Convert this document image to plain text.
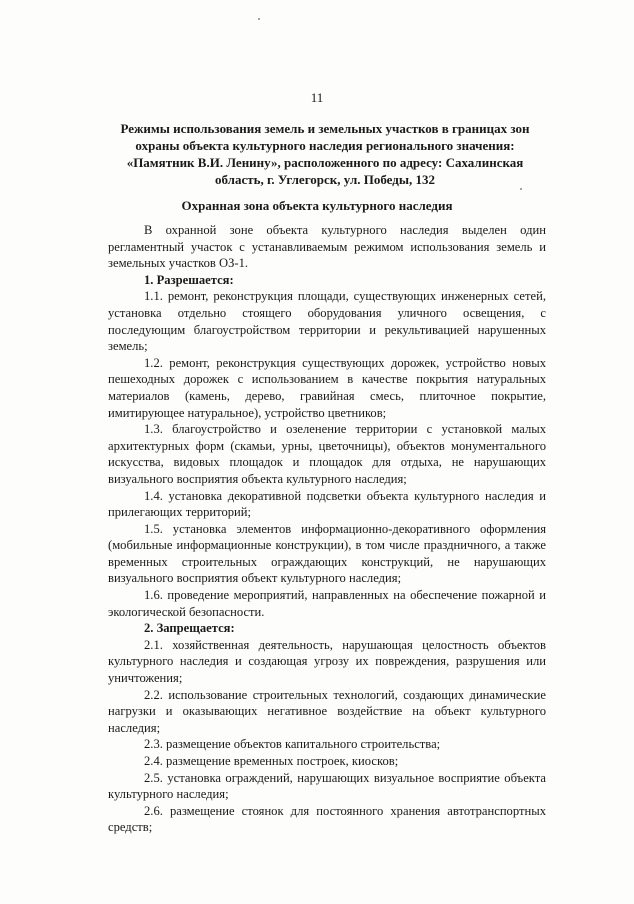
11
Режимы использования земель и земельных участков в границах зон
охраны объекта культурного наследия регионального значения:
«Памятник В.И. Ленину», расположенного по адресу: Сахалинская
область, г. Углегорск, ул. Победы, 132
Охранная зона объекта культурного наследия

В охранной зоне объекта культурного наследия выделен один регламентный участок с устанавливаемым режимом использования земель и земельных участков ОЗ-1.

1. Разрешается:

1.1. ремонт, реконструкция площади, существующих инженерных сетей, установка отдельно стоящего оборудования уличного освещения, с последующим благоустройством территории и рекультивацией нарушенных земель;

1.2. ремонт, реконструкция существующих дорожек, устройство новых пешеходных дорожек с использованием в качестве покрытия натуральных материалов (камень, дерево, гравийная смесь, плиточное покрытие, имитирующее натуральное), устройство цветников;

1.3. благоустройство и озеленение территории с установкой малых архитектурных форм (скамьи, урны, цветочницы), объектов монументального искусства, видовых площадок и площадок для отдыха, не нарушающих визуального восприятия объекта культурного наследия;

1.4. установка декоративной подсветки объекта культурного наследия и прилегающих территорий;

1.5. установка элементов информационно-декоративного оформления (мобильные информационные конструкции), в том числе праздничного, а также временных строительных ограждающих конструкций, не нарушающих визуального восприятия объект культурного наследия;

1.6. проведение мероприятий, направленных на обеспечение пожарной и экологической безопасности.

2. Запрещается:

2.1. хозяйственная деятельность, нарушающая целостность объектов культурного наследия и создающая угрозу их повреждения, разрушения или уничтожения;

2.2. использование строительных технологий, создающих динамические нагрузки и оказывающих негативное воздействие на объект культурного наследия;

2.3. размещение объектов капитального строительства;

2.4. размещение временных построек, киосков;

2.5. установка ограждений, нарушающих визуальное восприятие объекта культурного наследия;

2.6. размещение стоянок для постоянного хранения автотранспортных средств;
